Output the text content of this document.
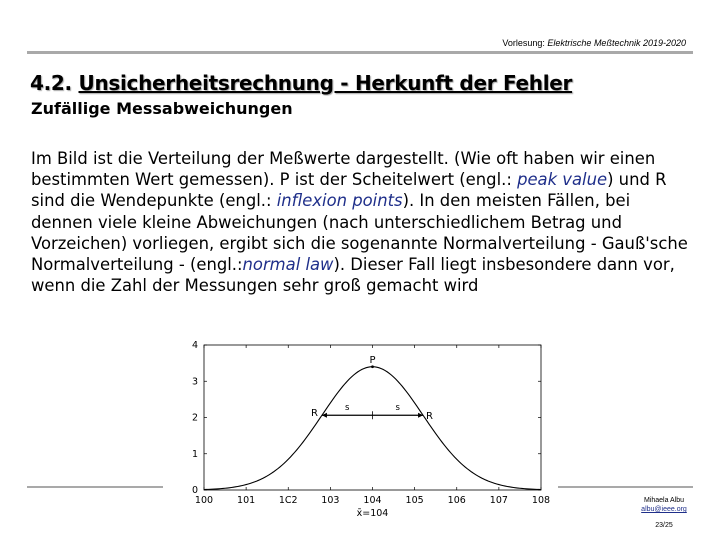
Vorlesung: Elektrische Meßtechnik 2019-2020
4.2. Unsicherheitsrechnung - Herkunft der Fehler
Zufällige Messabweichungen
Im Bild ist die Verteilung der Meßwerte dargestellt. (Wie oft haben wir einen bestimmten Wert gemessen). P ist der Scheitelwert (engl.: peak value) und R sind die Wendepunkte (engl.: inflexion points). In den meisten Fällen, bei dennen viele kleine Abweichungen (nach unterschiedlichem Betrag und Vorzeichen) vorliegen, ergibt sich die sogenannte Normalverteilung - Gauß'sche Normalverteilung - (engl.:normal law). Dieser Fall liegt insbesondere dann vor, wenn die Zahl der Messungen sehr groß gemacht wird
100	101 1C2 103	104	105	106	107	108
0
1
2
3
4
x̄=104
P
R	R
s	s
Mihaela Albu
albu@ieee.org
23/25
